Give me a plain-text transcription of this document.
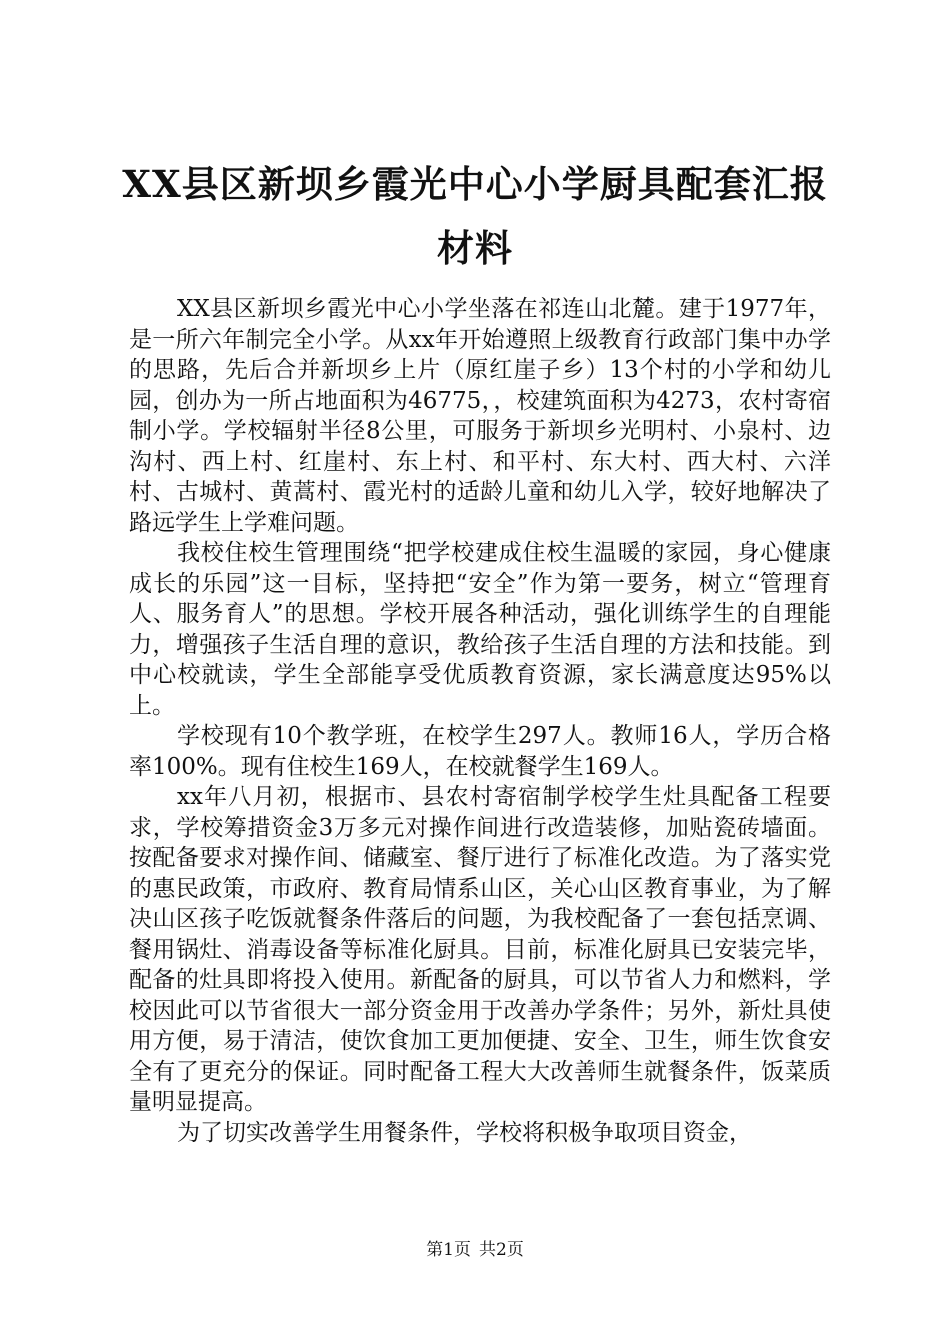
XX县区新坝乡霞光中心小学厨具配套汇报材料

XX县区新坝乡霞光中心小学坐落在祁连山北麓。建于1977年，是一所六年制完全小学。从xx年开始遵照上级教育行政部门集中办学的思路，先后合并新坝乡上片（原红崖子乡）13个村的小学和幼儿园，创办为一所占地面积为46775，，校建筑面积为4273，农村寄宿制小学。学校辐射半径8公里，可服务于新坝乡光明村、小泉村、边沟村、西上村、红崖村、东上村、和平村、东大村、西大村、六洋村、古城村、黄蒿村、霞光村的适龄儿童和幼儿入学，较好地解决了路远学生上学难问题。

我校住校生管理围绕“把学校建成住校生温暖的家园，身心健康成长的乐园”这一目标，坚持把“安全”作为第一要务，树立“管理育人、服务育人”的思想。学校开展各种活动，强化训练学生的自理能力，增强孩子生活自理的意识，教给孩子生活自理的方法和技能。到中心校就读，学生全部能享受优质教育资源，家长满意度达95%以上。

学校现有10个教学班，在校学生297人。教师16人，学历合格率100%。现有住校生169人，在校就餐学生169人。

xx年八月初，根据市、县农村寄宿制学校学生灶具配备工程要求，学校筹措资金3万多元对操作间进行改造装修，加贴瓷砖墙面。按配备要求对操作间、储藏室、餐厅进行了标准化改造。为了落实党的惠民政策，市政府、教育局情系山区，关心山区教育事业，为了解决山区孩子吃饭就餐条件落后的问题，为我校配备了一套包括烹调、餐用锅灶、消毒设备等标准化厨具。目前，标准化厨具已安装完毕，配备的灶具即将投入使用。新配备的厨具，可以节省人力和燃料，学校因此可以节省很大一部分资金用于改善办学条件；另外，新灶具使用方便，易于清洁，使饮食加工更加便捷、安全、卫生，师生饮食安全有了更充分的保证。同时配备工程大大改善师生就餐条件，饭菜质量明显提高。

为了切实改善学生用餐条件，学校将积极争取项目资金，

第1页 共2页
